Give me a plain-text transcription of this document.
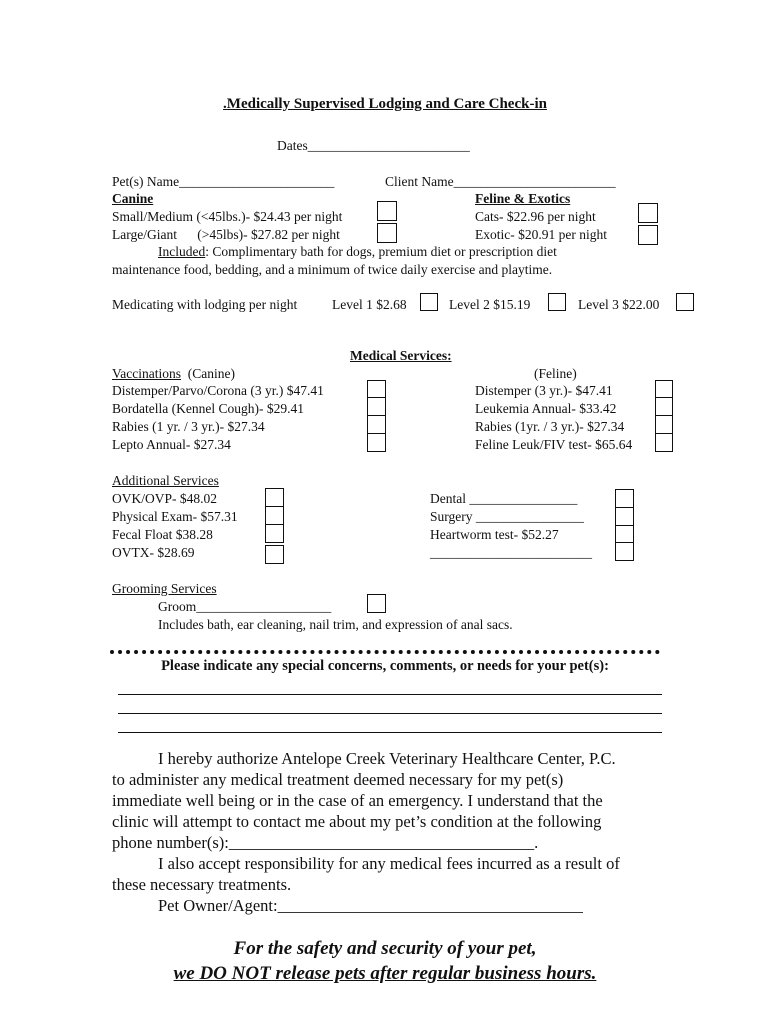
.Medically Supervised Lodging and Care Check-in
Dates________________________
Pet(s) Name_______________________	Client Name________________________
Canine
Small/Medium (<45lbs.)- $24.43 per night
Large/Giant      (>45lbs)- $27.82 per night
Feline & Exotics
Cats- $22.96 per night
Exotic- $20.91 per night
Included: Complimentary bath for dogs, premium diet or prescription diet
maintenance food, bedding, and a minimum of twice daily exercise and playtime.
Medicating with lodging per night	Level 1 $2.68	Level 2 $15.19	Level 3 $22.00
Medical Services:
Vaccinations  (Canine)	(Feline)
Distemper/Parvo/Corona (3 yr.) $47.41
Bordatella (Kennel Cough)- $29.41
Rabies (1 yr. / 3 yr.)- $27.34
Lepto Annual- $27.34
Distemper (3 yr.)- $47.41
Leukemia Annual- $33.42
Rabies (1yr. / 3 yr.)- $27.34
Feline Leuk/FIV test- $65.64
Additional Services
OVK/OVP- $48.02
Physical Exam- $57.31
Fecal Float $38.28
OVTX- $28.69
Dental ________________
Surgery ________________
Heartworm test- $52.27
________________________
Grooming Services
Groom____________________
Includes bath, ear cleaning, nail trim, and expression of anal sacs.
Please indicate any special concerns, comments, or needs for your pet(s):
I hereby authorize Antelope Creek Veterinary Healthcare Center, P.C.
to administer any medical treatment deemed necessary for my pet(s)
immediate well being or in the case of an emergency. I understand that the
clinic will attempt to contact me about my pet’s condition at the following
phone number(s):_____________________________________.
I also accept responsibility for any medical fees incurred as a result of
these necessary treatments.
Pet Owner/Agent:_____________________________________
For the safety and security of your pet,
we DO NOT release pets after regular business hours.
